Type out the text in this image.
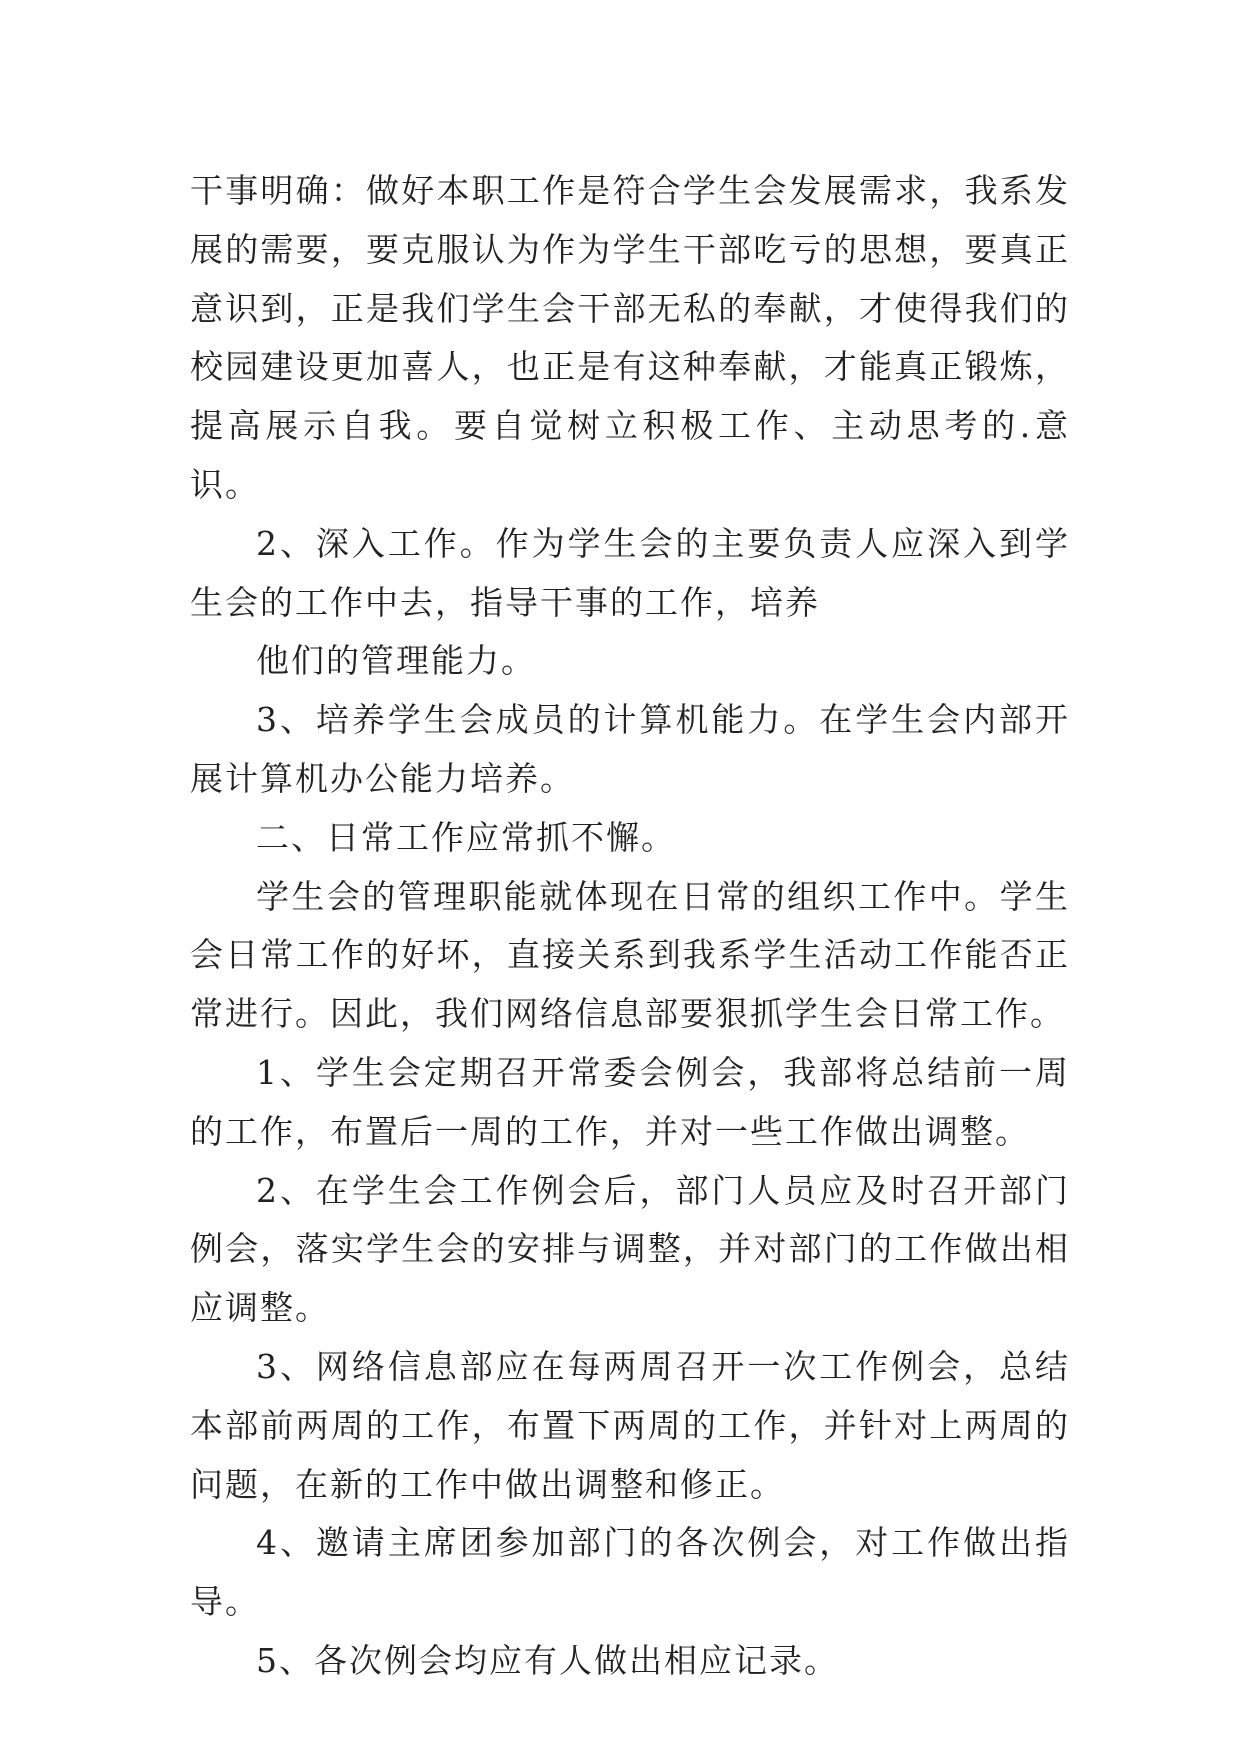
干事明确：做好本职工作是符合学生会发展需求，我系发展的需要，要克服认为作为学生干部吃亏的思想，要真正意识到，正是我们学生会干部无私的奉献，才使得我们的校园建设更加喜人，也正是有这种奉献，才能真正锻炼，提高展示自我。要自觉树立积极工作、主动思考的.意识。

2、深入工作。作为学生会的主要负责人应深入到学生会的工作中去，指导干事的工作，培养

他们的管理能力。

3、培养学生会成员的计算机能力。在学生会内部开展计算机办公能力培养。

二、日常工作应常抓不懈。

学生会的管理职能就体现在日常的组织工作中。学生会日常工作的好坏，直接关系到我系学生活动工作能否正常进行。因此，我们网络信息部要狠抓学生会日常工作。

1、学生会定期召开常委会例会，我部将总结前一周的工作，布置后一周的工作，并对一些工作做出调整。

2、在学生会工作例会后，部门人员应及时召开部门例会，落实学生会的安排与调整，并对部门的工作做出相应调整。

3、网络信息部应在每两周召开一次工作例会，总结本部前两周的工作，布置下两周的工作，并针对上两周的问题，在新的工作中做出调整和修正。

4、邀请主席团参加部门的各次例会，对工作做出指导。

5、各次例会均应有人做出相应记录。
